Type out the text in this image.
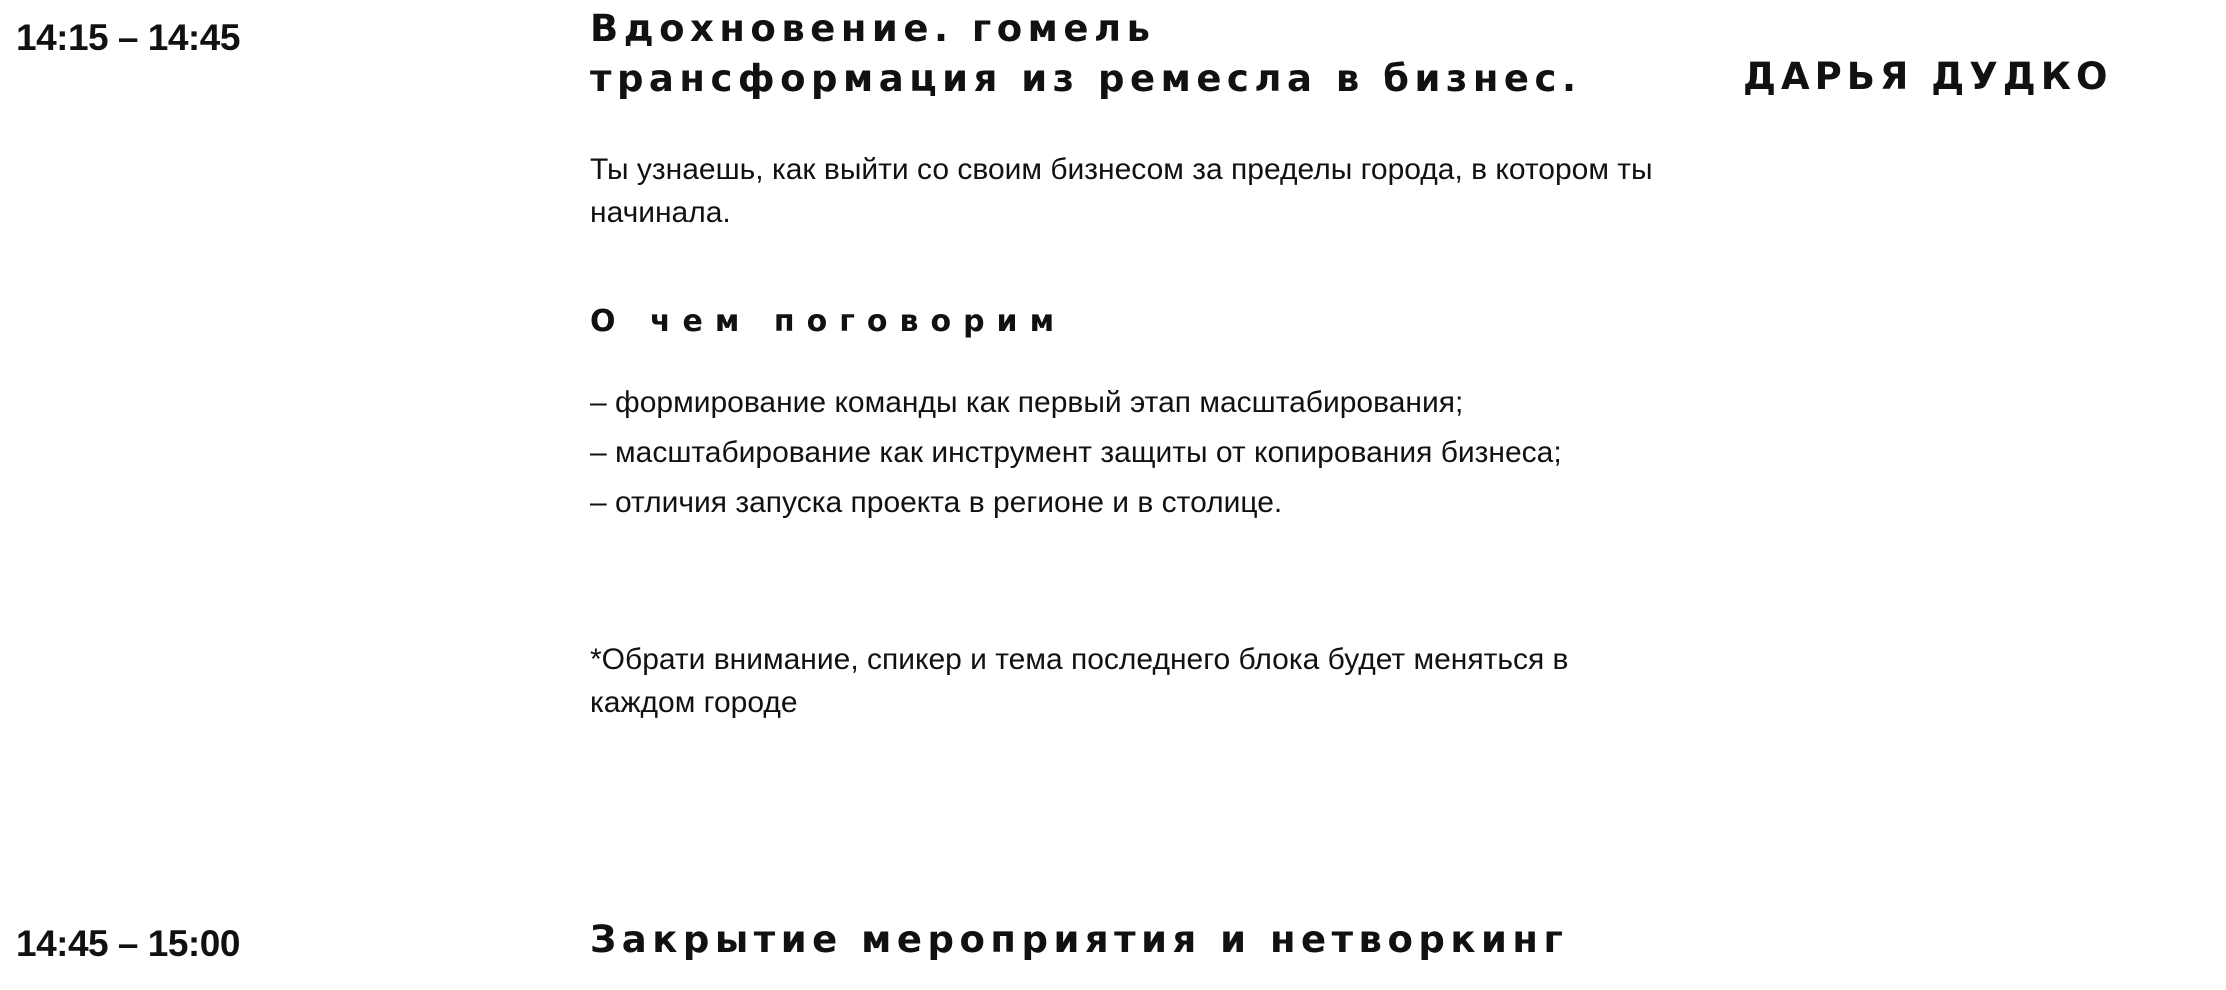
14:15 – 14:45	Вдохновение. гомель
трансформация из ремесла в бизнес.	ДАРЬЯ ДУДКО
Ты узнаешь, как выйти со своим бизнесом за пределы города, в котором ты начинала.
О чем поговорим
– формирование команды как первый этап масштабирования;
– масштабирование как инструмент защиты от копирования бизнеса;
– отличия запуска проекта в регионе и в столице.
*Обрати внимание, спикер и тема последнего блока будет меняться в каждом городе
14:45 – 15:00	Закрытие мероприятия и нетворкинг
